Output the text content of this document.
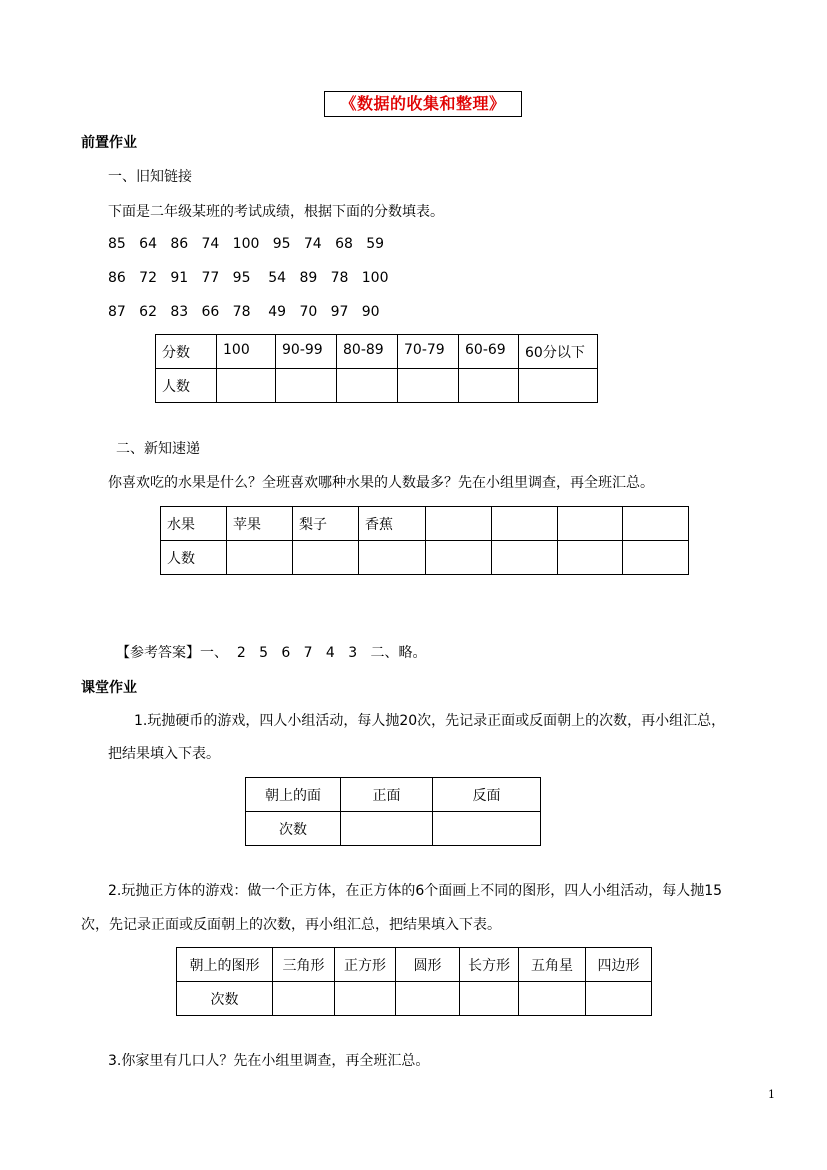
《数据的收集和整理》
前置作业
一、旧知链接
下面是二年级某班的考试成绩，根据下面的分数填表。
85   64   86   74   100   95   74   68   59
86   72   91   77   95    54   89   78   100
87   62   83   66   78    49   70   97   90
分数	100	90-99	80-89	70-79	60-69	60分以下
人数						
二、新知速递
你喜欢吃的水果是什么？全班喜欢哪种水果的人数最多？先在小组里调查，再全班汇总。
水果	苹果	梨子	香蕉				
人数							
【参考答案】一、  2   5   6   7   4   3   二、略。
课堂作业
1.玩抛硬币的游戏，四人小组活动，每人抛20次，先记录正面或反面朝上的次数，再小组汇总，
把结果填入下表。
朝上的面	正面	反面
次数		
2.玩抛正方体的游戏：做一个正方体，在正方体的6个面画上不同的图形，四人小组活动，每人抛15
次，先记录正面或反面朝上的次数，再小组汇总，把结果填入下表。
朝上的图形	三角形	正方形	圆形	长方形	五角星	四边形
次数						
3.你家里有几口人？先在小组里调查，再全班汇总。
1
